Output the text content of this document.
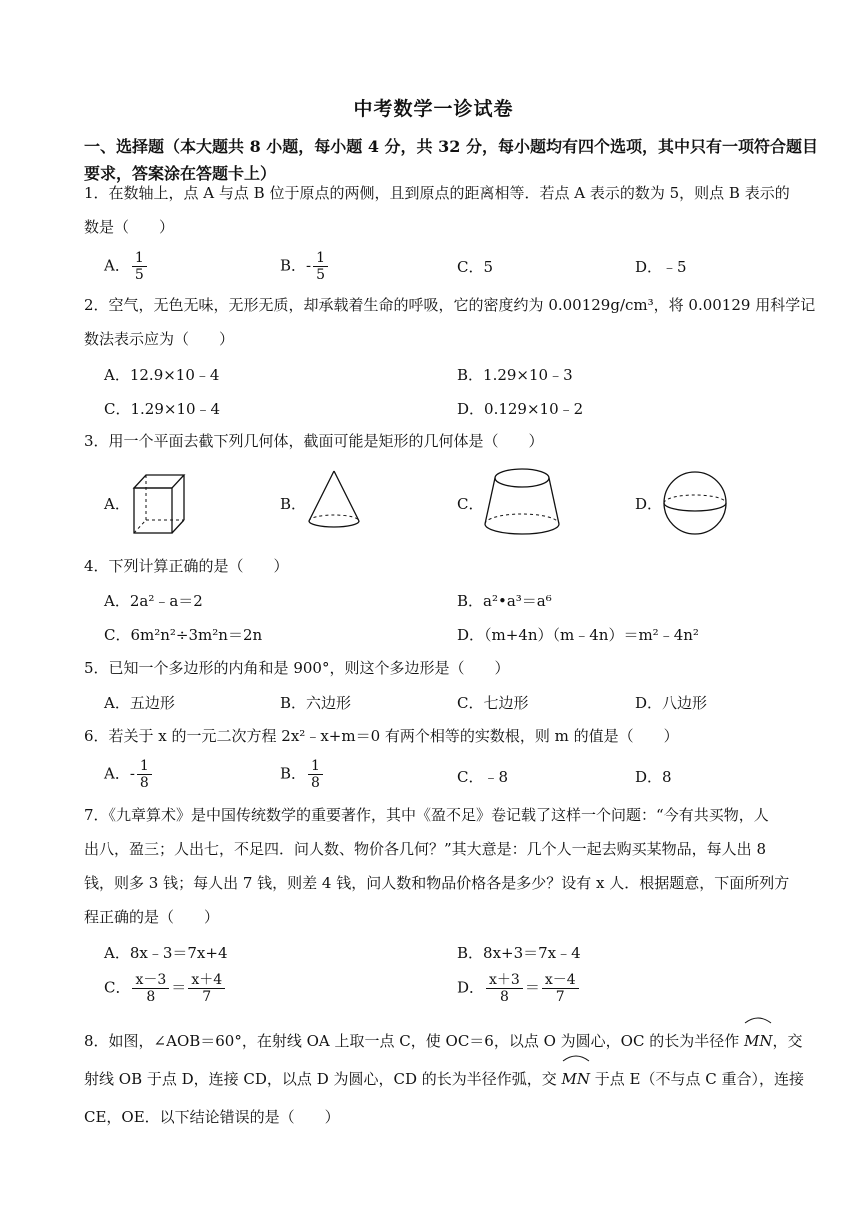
中考数学一诊试卷
一、选择题（本大题共 8 小题，每小题 4 分，共 32 分，每小题均有四个选项，其中只有一项符合题目要求，答案涂在答题卡上）
1．在数轴上，点 A 与点 B 位于原点的两侧，且到原点的距离相等．若点 A 表示的数为 5，则点 B 表示的
数是（　　）
A． $\frac{1}{5}$	B．- $\frac{1}{5}$	C．5	D．﹣5
2．空气，无色无味，无形无质，却承载着生命的呼吸，它的密度约为 0.00129g/cm³，将 0.00129 用科学记
数法表示应为（　　）
A．12.9×10﹣4	B．1.29×10﹣3
C．1.29×10﹣4	D．0.129×10﹣2
3．用一个平面去截下列几何体，截面可能是矩形的几何体是（　　）
A．	B．	C．	D．
4．下列计算正确的是（　　）
A．2a²﹣a＝2	B．a²•a³＝a⁶
C．6m²n²÷3m²n＝2n	D．（m+4n）（m﹣4n）＝m²﹣4n²
5．已知一个多边形的内角和是 900°，则这个多边形是（　　）
A．五边形	B．六边形	C．七边形	D．八边形
6．若关于 x 的一元二次方程 2x²﹣x+m＝0 有两个相等的实数根，则 m 的值是（　　）
A．- $\frac{1}{8}$	B． $\frac{1}{8}$	C．﹣8	D．8
7．《九章算术》是中国传统数学的重要著作，其中《盈不足》卷记载了这样一个问题：“今有共买物，人
出八，盈三；人出七，不足四．问人数、物价各几何？”其大意是：几个人一起去购买某物品，每人出 8
钱，则多 3 钱；每人出 7 钱，则差 4 钱，问人数和物品价格各是多少？设有 x 人．根据题意，下面所列方
程正确的是（　　）
A．8x﹣3＝7x+4	B．8x+3＝7x﹣4
C． $\frac{x-3}{8} = \frac{x+4}{7}$	D． $\frac{x+3}{8} = \frac{x-4}{7}$
8．如图，∠AOB＝60°，在射线 OA 上取一点 C，使 OC＝6，以点 O 为圆心，OC 的长为半径作
MN，交
射线 OB 于点 D，连接 CD，以点 D 为圆心，CD 的长为半径作弧，交
MN 于点 E（不与点 C 重合），连接
CE，OE．以下结论错误的是（　　）
